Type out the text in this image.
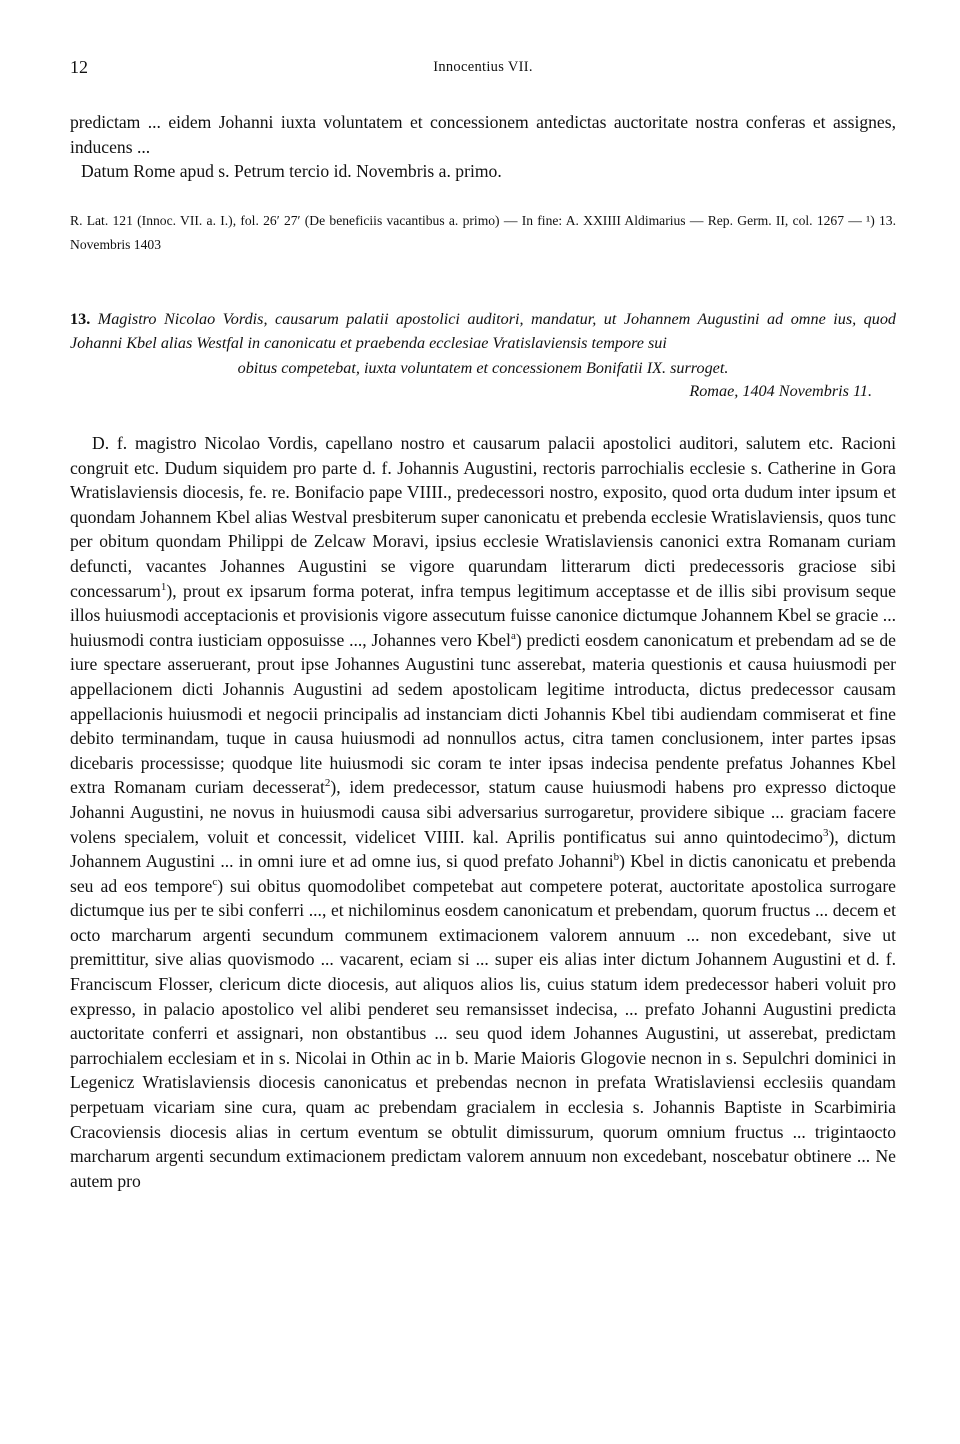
12	Innocentius VII.
predictam ... eidem Johanni iuxta voluntatem et concessionem antedictas auctoritate nostra conferas et assignes, inducens ...
Datum Rome apud s. Petrum tercio id. Novembris a. primo.
R. Lat. 121 (Innoc. VII. a. I.), fol. 26′ 27′ (De beneficiis vacantibus a. primo) — In fine: A. XXIIII Aldimarius — Rep. Germ. II, col. 1267 — ¹) 13. Novembris 1403
13. Magistro Nicolao Vordis, causarum palatii apostolici auditori, mandatur, ut Johannem Augustini ad omne ius, quod Johanni Kbel alias Westfal in canonicatu et praebenda ecclesiae Vratislaviensis tempore sui
obitus competebat, iuxta voluntatem et concessionem Bonifatii IX. surroget.
Romae, 1404 Novembris 11.

D. f. magistro Nicolao Vordis, capellano nostro et causarum palacii apostolici auditori, salutem etc. Racioni congruit etc. Dudum siquidem pro parte d. f. Johannis Augustini, rectoris parrochialis ecclesie s. Catherine in Gora Wratislaviensis diocesis, fe. re. Bonifacio pape VIIII., predecessori nostro, exposito, quod orta dudum inter ipsum et quondam Johannem Kbel alias Westval presbiterum super canonicatu et prebenda ecclesie Wratislaviensis, quos tunc per obitum quondam Philippi de Zelcaw Moravi, ipsius ecclesie Wratislaviensis canonici extra Romanam curiam defuncti, vacantes Johannes Augustini se vigore quarundam litterarum dicti predecessoris graciose sibi concessarum$^1$), prout ex ipsarum forma poterat, infra tempus legitimum acceptasse et de illis sibi provisum seque illos huiusmodi acceptacionis et provisionis vigore assecutum fuisse canonice dictumque Johannem Kbel se gracie ... huiusmodi contra iusticiam opposuisse ..., Johannes vero Kbel$^a$) predicti eosdem canonicatum et prebendam ad se de iure spectare asseruerant, prout ipse Johannes Augustini tunc asserebat, materia questionis et causa huiusmodi per appellacionem dicti Johannis Augustini ad sedem apostolicam legitime introducta, dictus predecessor causam appellacionis huiusmodi et negocii principalis ad instanciam dicti Johannis Kbel tibi audiendam commiserat et fine debito terminandam, tuque in causa huiusmodi ad nonnullos actus, citra tamen conclusionem, inter partes ipsas dicebaris processisse; quodque lite huiusmodi sic coram te inter ipsas indecisa pendente prefatus Johannes Kbel extra Romanam curiam decesserat$^2$), idem predecessor, statum cause huiusmodi habens pro expresso dictoque Johanni Augustini, ne novus in huiusmodi causa sibi adversarius surrogaretur, providere sibique ... graciam facere volens specialem, voluit et concessit, videlicet VIIII. kal. Aprilis pontificatus sui anno quintodecimo$^3$), dictum Johannem Augustini ... in omni iure et ad omne ius, si quod prefato Johanni$^b$) Kbel in dictis canonicatu et prebenda seu ad eos tempore$^c$) sui obitus quomodolibet competebat aut competere poterat, auctoritate apostolica surrogare dictumque ius per te sibi conferri ..., et nichilominus eosdem canonicatum et prebendam, quorum fructus ... decem et octo marcharum argenti secundum communem extimacionem valorem annuum ... non excedebant, sive ut premittitur, sive alias quovismodo ... vacarent, eciam si ... super eis alias inter dictum Johannem Augustini et d. f. Franciscum Flosser, clericum dicte diocesis, aut aliquos alios lis, cuius statum idem predecessor haberi voluit pro expresso, in palacio apostolico vel alibi penderet seu remansisset indecisa, ... prefato Johanni Augustini predicta auctoritate conferri et assignari, non obstantibus ... seu quod idem Johannes Augustini, ut asserebat, predictam parrochialem ecclesiam et in s. Nicolai in Othin ac in b. Marie Maioris Glogovie necnon in s. Sepulchri dominici in Legenicz Wratislaviensis diocesis canonicatus et prebendas necnon in prefata Wratislaviensi ecclesiis quandam perpetuam vicariam sine cura, quam ac prebendam gracialem in ecclesia s. Johannis Baptiste in Scarbimiria Cracoviensis diocesis alias in certum eventum se obtulit dimissurum, quorum omnium fructus ... trigintaocto marcharum argenti secundum extimacionem predictam valorem annuum non excedebant, noscebatur obtinere ... Ne autem pro
